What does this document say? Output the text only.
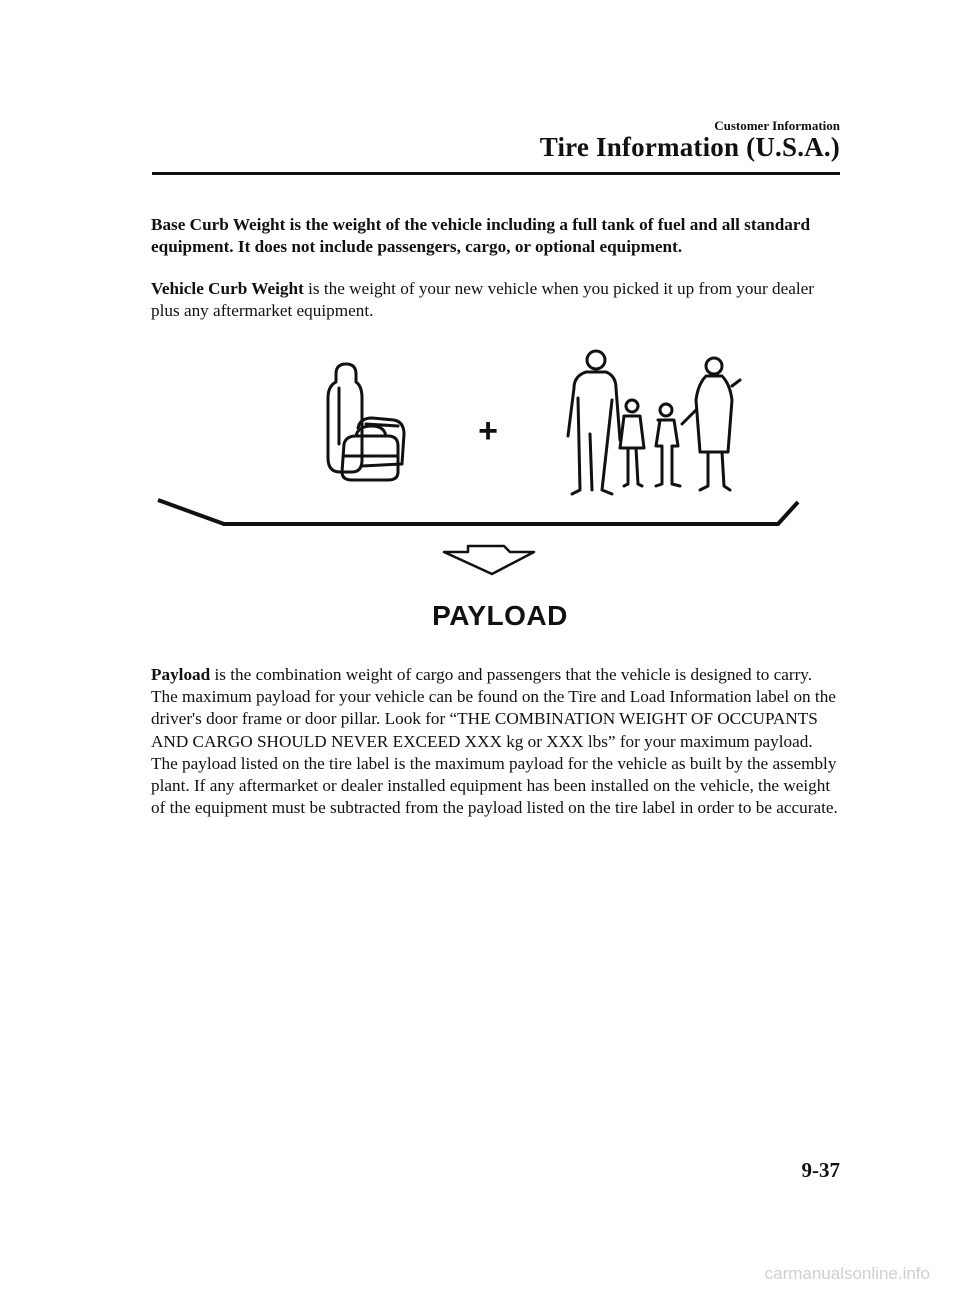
Customer Information
Tire Information (U.S.A.)
Base Curb Weight is the weight of the vehicle including a full tank of fuel and all standard equipment. It does not include passengers, cargo, or optional equipment.
Vehicle Curb Weight is the weight of your new vehicle when you picked it up from your dealer plus any aftermarket equipment.
+
PAYLOAD
Payload is the combination weight of cargo and passengers that the vehicle is designed to carry. The maximum payload for your vehicle can be found on the Tire and Load Information label on the driver's door frame or door pillar. Look for “THE COMBINATION WEIGHT OF OCCUPANTS AND CARGO SHOULD NEVER EXCEED XXX kg or XXX lbs” for your maximum payload. The payload listed on the tire label is the maximum payload for the vehicle as built by the assembly plant. If any aftermarket or dealer installed equipment has been installed on the vehicle, the weight of the equipment must be subtracted from the payload listed on the tire label in order to be accurate.
9-37
carmanualsonline.info
